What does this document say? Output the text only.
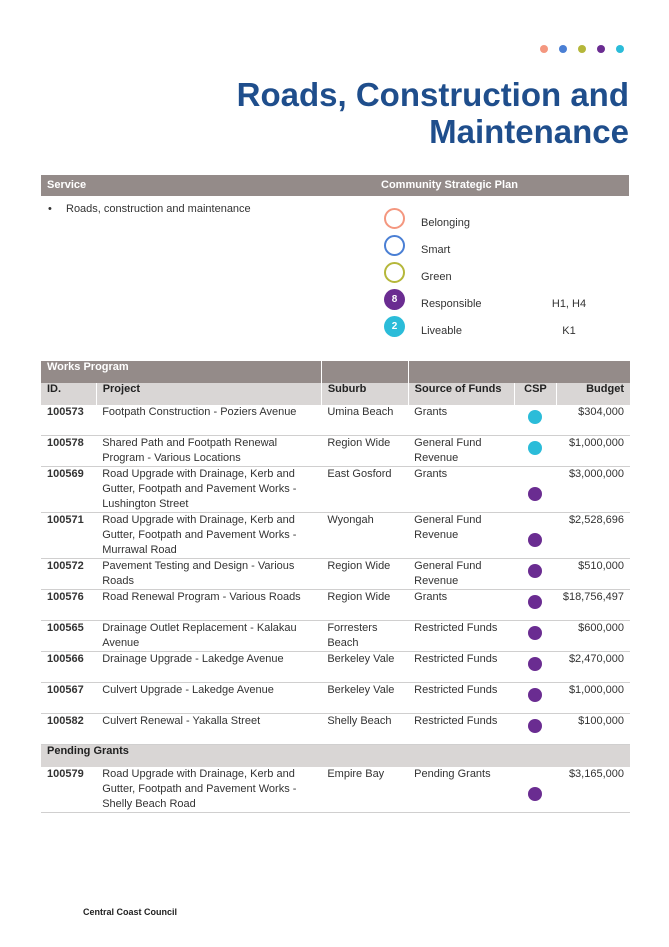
Roads, Construction and
Maintenance
Service	Community Strategic Plan
• Roads, construction and maintenance
Belonging
Smart
Green
8	Responsible	H1, H4
2	Liveable	K1
Works Program					
ID.	Project	Suburb	Source of Funds	CSP	Budget
100573	Footpath Construction - Poziers Avenue	Umina Beach	Grants		$304,000
100578	Shared Path and Footpath Renewal Program - Various Locations	Region Wide	General Fund Revenue		$1,000,000
100569	Road Upgrade with Drainage, Kerb and Gutter, Footpath and Pavement Works - Lushington Street	East Gosford	Grants		$3,000,000
100571	Road Upgrade with Drainage, Kerb and Gutter, Footpath and Pavement Works - Murrawal Road	Wyongah	General Fund Revenue		$2,528,696
100572	Pavement Testing and Design - Various Roads	Region Wide	General Fund Revenue		$510,000
100576	Road Renewal Program - Various Roads	Region Wide	Grants		$18,756,497
100565	Drainage Outlet Replacement - Kalakau Avenue	Forresters Beach	Restricted Funds		$600,000
100566	Drainage Upgrade - Lakedge Avenue	Berkeley Vale	Restricted Funds		$2,470,000
100567	Culvert Upgrade - Lakedge Avenue	Berkeley Vale	Restricted Funds		$1,000,000
100582	Culvert Renewal - Yakalla Street	Shelly Beach	Restricted Funds		$100,000
Pending Grants					
100579	Road Upgrade with Drainage, Kerb and Gutter, Footpath and Pavement Works - Shelly Beach Road	Empire Bay	Pending Grants		$3,165,000
Central Coast Council
